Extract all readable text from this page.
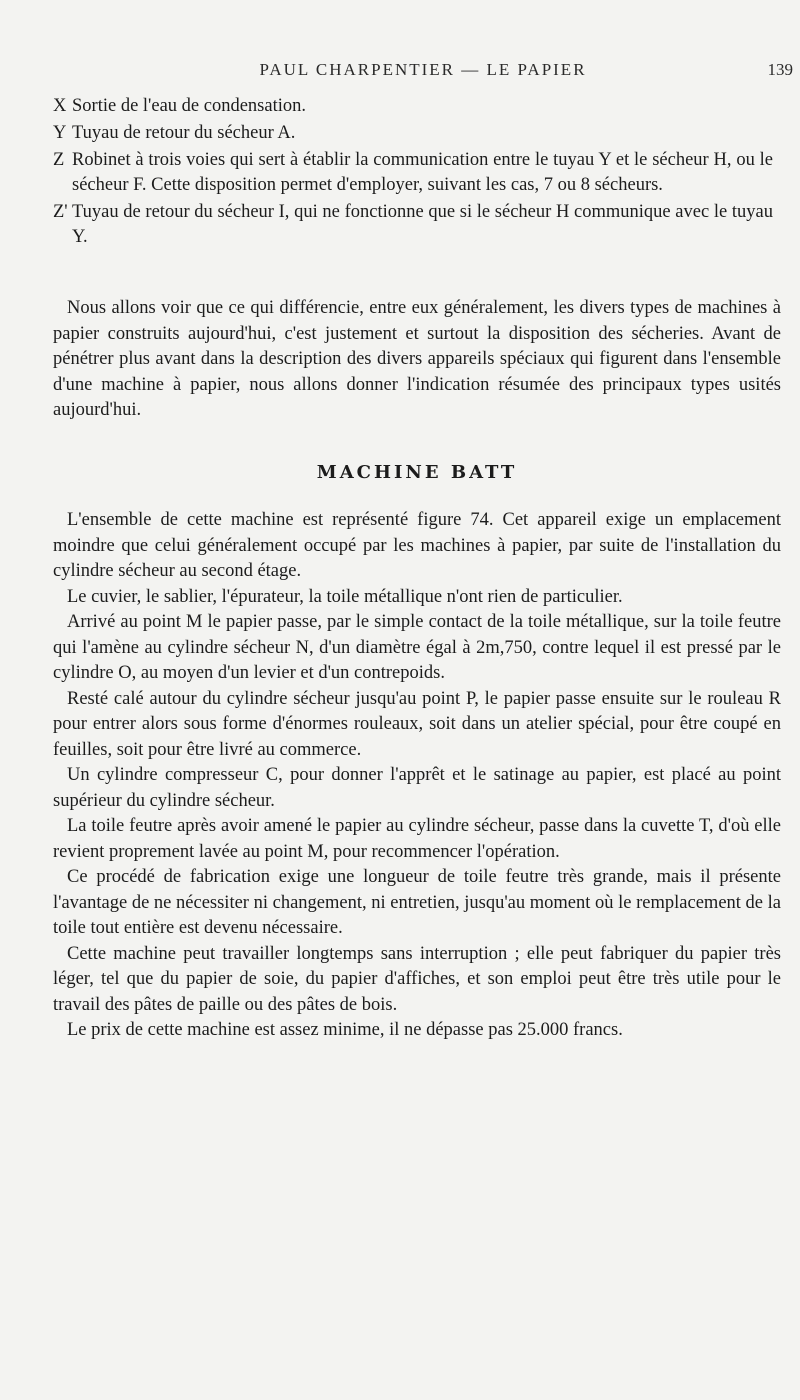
PAUL CHARPENTIER — LE PAPIER	139
X Sortie de l'eau de condensation.
Y Tuyau de retour du sécheur A.
Z Robinet à trois voies qui sert à établir la communication entre le tuyau Y et le sécheur H, ou le sécheur F. Cette disposition permet d'employer, suivant les cas, 7 ou 8 sécheurs.
Z' Tuyau de retour du sécheur I, qui ne fonctionne que si le sécheur H communique avec le tuyau Y.

Nous allons voir que ce qui différencie, entre eux généralement, les divers types de machines à papier construits aujourd'hui, c'est justement et surtout la disposition des sécheries. Avant de pénétrer plus avant dans la description des divers appareils spéciaux qui figurent dans l'ensemble d'une machine à papier, nous allons donner l'indication résumée des principaux types usités aujourd'hui.

MACHINE BATT

L'ensemble de cette machine est représenté figure 74. Cet appareil exige un emplacement moindre que celui généralement occupé par les machines à papier, par suite de l'installation du cylindre sécheur au second étage.

Le cuvier, le sablier, l'épurateur, la toile métallique n'ont rien de particulier.

Arrivé au point M le papier passe, par le simple contact de la toile métallique, sur la toile feutre qui l'amène au cylindre sécheur N, d'un diamètre égal à 2m,750, contre lequel il est pressé par le cylindre O, au moyen d'un levier et d'un contrepoids.

Resté calé autour du cylindre sécheur jusqu'au point P, le papier passe ensuite sur le rouleau R pour entrer alors sous forme d'énormes rouleaux, soit dans un atelier spécial, pour être coupé en feuilles, soit pour être livré au commerce.

Un cylindre compresseur C, pour donner l'apprêt et le satinage au papier, est placé au point supérieur du cylindre sécheur.

La toile feutre après avoir amené le papier au cylindre sécheur, passe dans la cuvette T, d'où elle revient proprement lavée au point M, pour recommencer l'opération.

Ce procédé de fabrication exige une longueur de toile feutre très grande, mais il présente l'avantage de ne nécessiter ni changement, ni entretien, jusqu'au moment où le remplacement de la toile tout entière est devenu nécessaire.

Cette machine peut travailler longtemps sans interruption ; elle peut fabriquer du papier très léger, tel que du papier de soie, du papier d'affiches, et son emploi peut être très utile pour le travail des pâtes de paille ou des pâtes de bois.

Le prix de cette machine est assez minime, il ne dépasse pas 25.000 francs.
